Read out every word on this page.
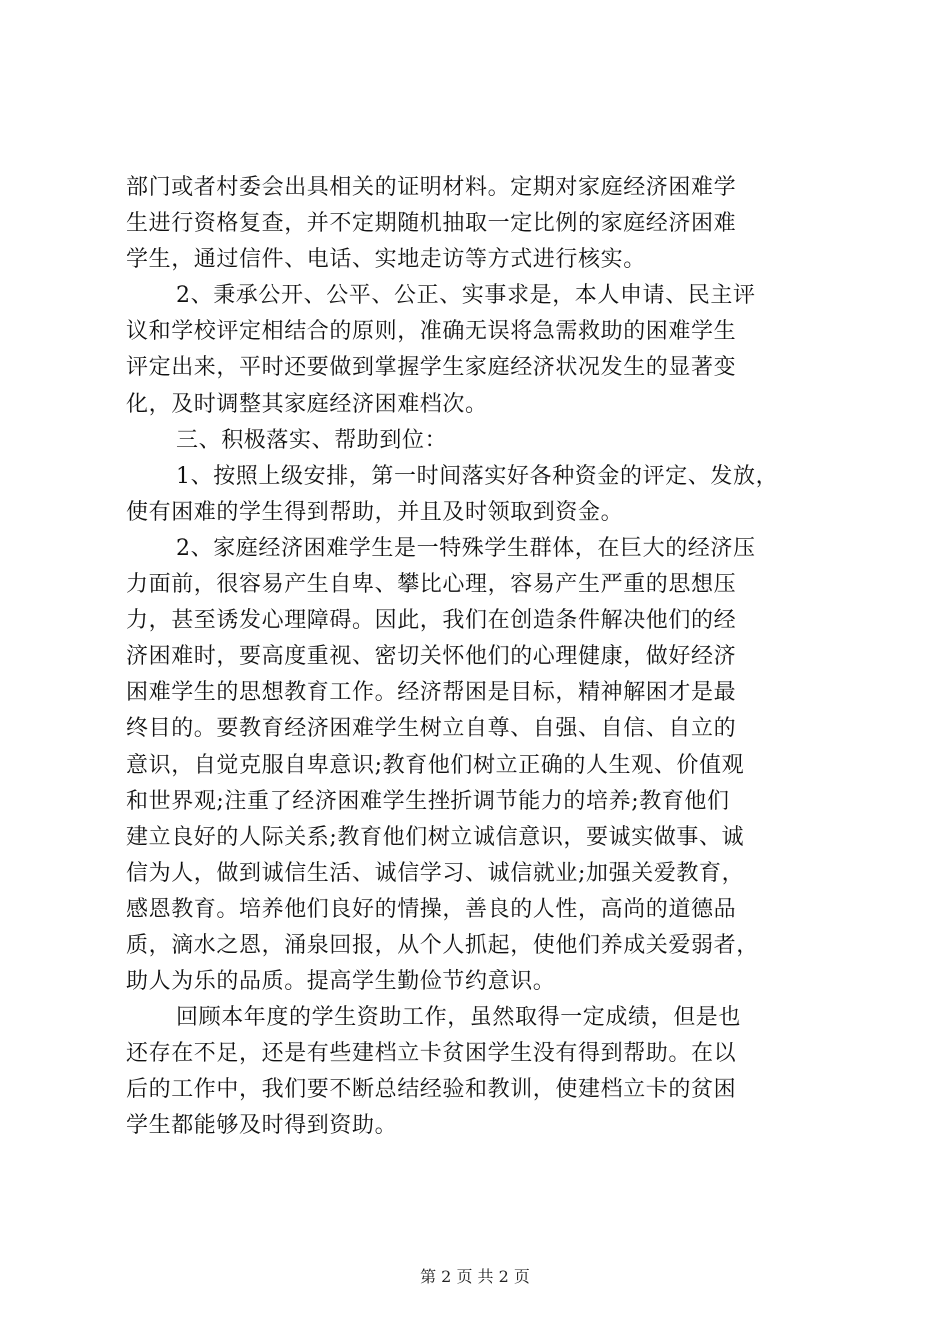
部门或者村委会出具相关的证明材料。定期对家庭经济困难学
生进行资格复查，并不定期随机抽取一定比例的家庭经济困难
学生，通过信件、电话、实地走访等方式进行核实。
2、秉承公开、公平、公正、实事求是，本人申请、民主评
议和学校评定相结合的原则，准确无误将急需救助的困难学生
评定出来，平时还要做到掌握学生家庭经济状况发生的显著变
化，及时调整其家庭经济困难档次。
三、积极落实、帮助到位：
1、按照上级安排，第一时间落实好各种资金的评定、发放，
使有困难的学生得到帮助，并且及时领取到资金。
2、家庭经济困难学生是一特殊学生群体，在巨大的经济压
力面前，很容易产生自卑、攀比心理，容易产生严重的思想压
力，甚至诱发心理障碍。因此，我们在创造条件解决他们的经
济困难时，要高度重视、密切关怀他们的心理健康，做好经济
困难学生的思想教育工作。经济帮困是目标，精神解困才是最
终目的。要教育经济困难学生树立自尊、自强、自信、自立的
意识，自觉克服自卑意识;教育他们树立正确的人生观、价值观
和世界观;注重了经济困难学生挫折调节能力的培养;教育他们
建立良好的人际关系;教育他们树立诚信意识，要诚实做事、诚
信为人，做到诚信生活、诚信学习、诚信就业;加强关爱教育，
感恩教育。培养他们良好的情操，善良的人性，高尚的道德品
质，滴水之恩，涌泉回报，从个人抓起，使他们养成关爱弱者，
助人为乐的品质。提高学生勤俭节约意识。
回顾本年度的学生资助工作，虽然取得一定成绩，但是也
还存在不足，还是有些建档立卡贫困学生没有得到帮助。在以
后的工作中，我们要不断总结经验和教训，使建档立卡的贫困
学生都能够及时得到资助。
第 2 页 共 2 页
